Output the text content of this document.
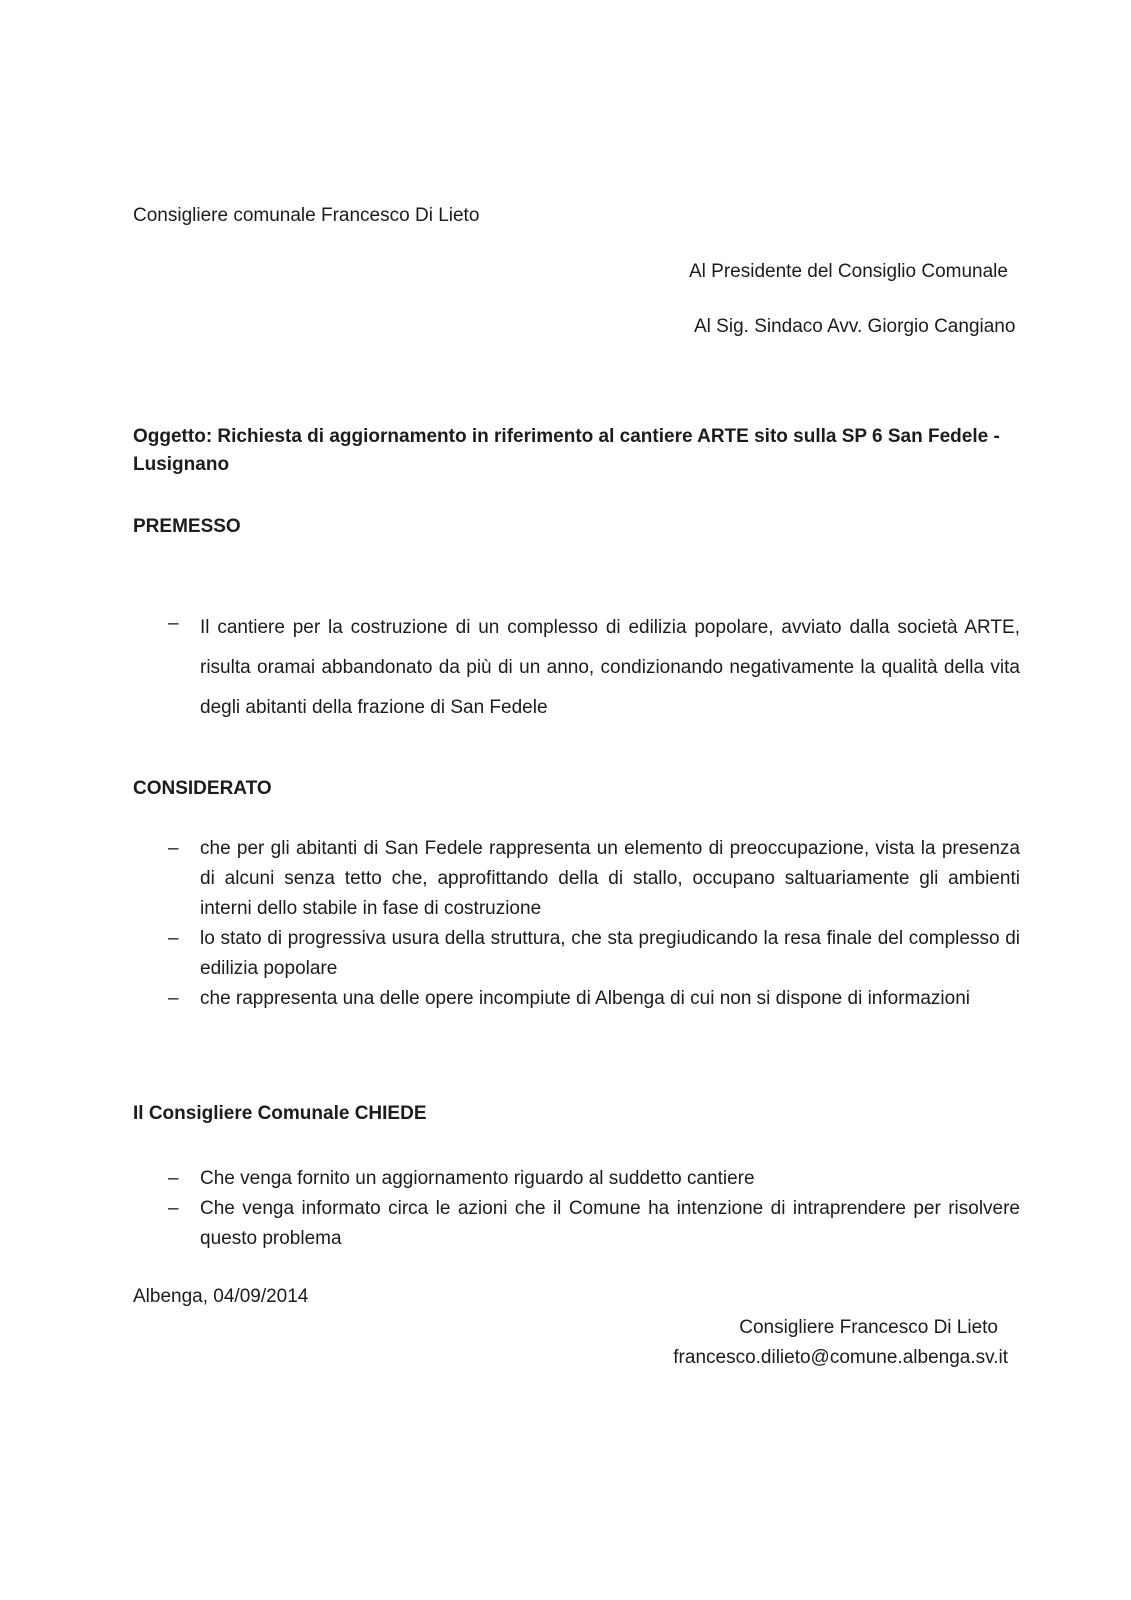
Consigliere comunale Francesco Di Lieto
Al Presidente del Consiglio Comunale
Al Sig. Sindaco Avv. Giorgio Cangiano
Oggetto: Richiesta di aggiornamento in riferimento al cantiere ARTE sito sulla SP 6 San Fedele -
Lusignano
PREMESSO
– Il cantiere per la costruzione di un complesso di edilizia popolare, avviato dalla società ARTE, risulta oramai abbandonato da più di un anno, condizionando negativamente la qualità della vita degli abitanti della frazione di San Fedele
CONSIDERATO
– che per gli abitanti di San Fedele rappresenta un elemento di preoccupazione, vista la presenza di alcuni senza tetto che, approfittando della di stallo, occupano saltuariamente gli ambienti interni dello stabile in fase di costruzione
– lo stato di progressiva usura della struttura, che sta pregiudicando la resa finale del complesso di edilizia popolare
– che rappresenta una delle opere incompiute di Albenga di cui non si dispone di informazioni
Il Consigliere Comunale CHIEDE
– Che venga fornito un aggiornamento riguardo al suddetto cantiere
– Che venga informato circa le azioni che il Comune ha intenzione di intraprendere per risolvere questo problema
Albenga, 04/09/2014
Consigliere Francesco Di Lieto
francesco.dilieto@comune.albenga.sv.it
